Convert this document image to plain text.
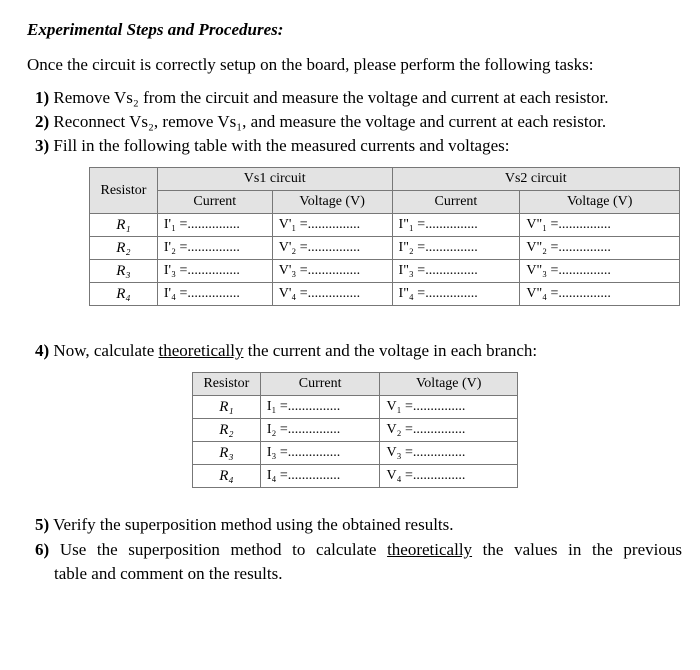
Experimental Steps and Procedures:
Once the circuit is correctly setup on the board, please perform the following tasks:
1) Remove Vs₂ from the circuit and measure the voltage and current at each resistor.
2) Reconnect Vs₂, remove Vs₁, and measure the voltage and current at each resistor.
3) Fill in the following table with the measured currents and voltages:
Resistor	Vs1 circuit		Vs2 circuit	
	Current	Voltage (V)	Current	Voltage (V)
R₁	I'₁ =...............	V'₁ =...............	I"₁ =...............	V"₁ =...............
R₂	I'₂ =...............	V'₂ =...............	I"₂ =...............	V"₂ =...............
R₃	I'₃ =...............	V'₃ =...............	I"₃ =...............	V"₃ =...............
R₄	I'₄ =...............	V'₄ =...............	I"₄ =...............	V"₄ =...............
4) Now, calculate theoretically the current and the voltage in each branch:
Resistor	Current	Voltage (V)
R₁	I₁ =...............	V₁ =...............
R₂	I₂ =...............	V₂ =...............
R₃	I₃ =...............	V₃ =...............
R₄	I₄ =...............	V₄ =...............
5) Verify the superposition method using the obtained results.
6) Use the superposition method to calculate theoretically the values in the previous
table and comment on the results.
